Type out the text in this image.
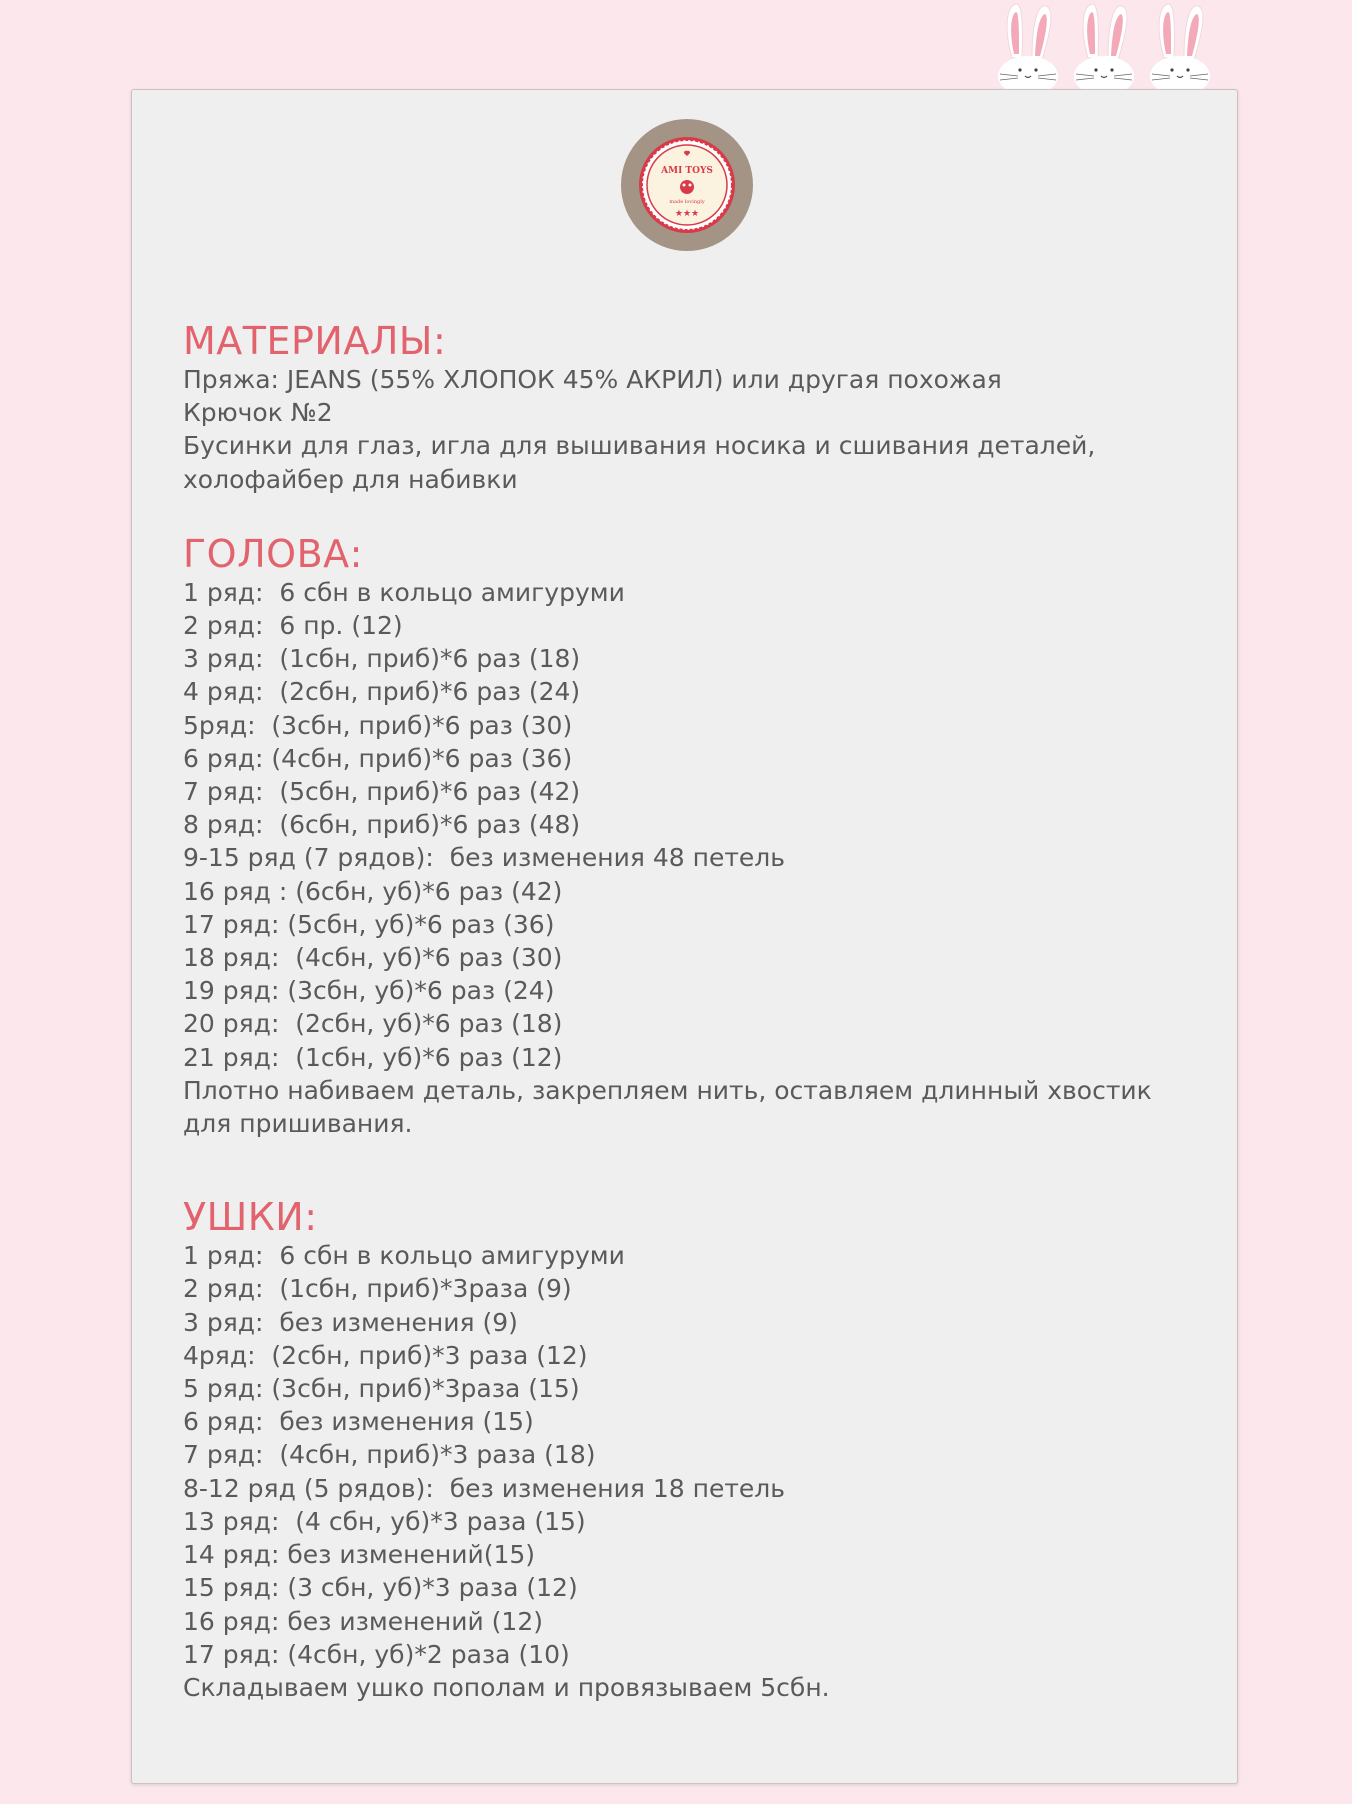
AMI TOYS
made lovingly
★★★
МАТЕРИАЛЫ:

Пряжа: JEANS (55% ХЛОПОК 45% АКРИЛ) или другая похожая

Крючок №2

Бусинки для глаз, игла для вышивания носика и сшивания деталей,

холофайбер для набивки

ГОЛОВА:

1 ряд:  6 сбн в кольцо амигуруми

2 ряд:  6 пр. (12)

3 ряд:  (1сбн, приб)*6 раз (18)

4 ряд:  (2сбн, приб)*6 раз (24)

5ряд:  (3сбн, приб)*6 раз (30)

6 ряд: (4сбн, приб)*6 раз (36)

7 ряд:  (5сбн, приб)*6 раз (42)

8 ряд:  (6сбн, приб)*6 раз (48)

9-15 ряд (7 рядов):  без изменения 48 петель

16 ряд : (6сбн, уб)*6 раз (42)

17 ряд: (5сбн, уб)*6 раз (36)

18 ряд:  (4сбн, уб)*6 раз (30)

19 ряд: (3сбн, уб)*6 раз (24)

20 ряд:  (2сбн, уб)*6 раз (18)

21 ряд:  (1сбн, уб)*6 раз (12)

Плотно набиваем деталь, закрепляем нить, оставляем длинный хвостик

для пришивания.

УШКИ:

1 ряд:  6 сбн в кольцо амигуруми

2 ряд:  (1сбн, приб)*3раза (9)

3 ряд:  без изменения (9)

4ряд:  (2сбн, приб)*3 раза (12)

5 ряд: (3сбн, приб)*3раза (15)

6 ряд:  без изменения (15)

7 ряд:  (4сбн, приб)*3 раза (18)

8-12 ряд (5 рядов):  без изменения 18 петель

13 ряд:  (4 сбн, уб)*3 раза (15)

14 ряд: без изменений(15)

15 ряд: (3 сбн, уб)*3 раза (12)

16 ряд: без изменений (12)

17 ряд: (4сбн, уб)*2 раза (10)

Складываем ушко пополам и провязываем 5сбн.
